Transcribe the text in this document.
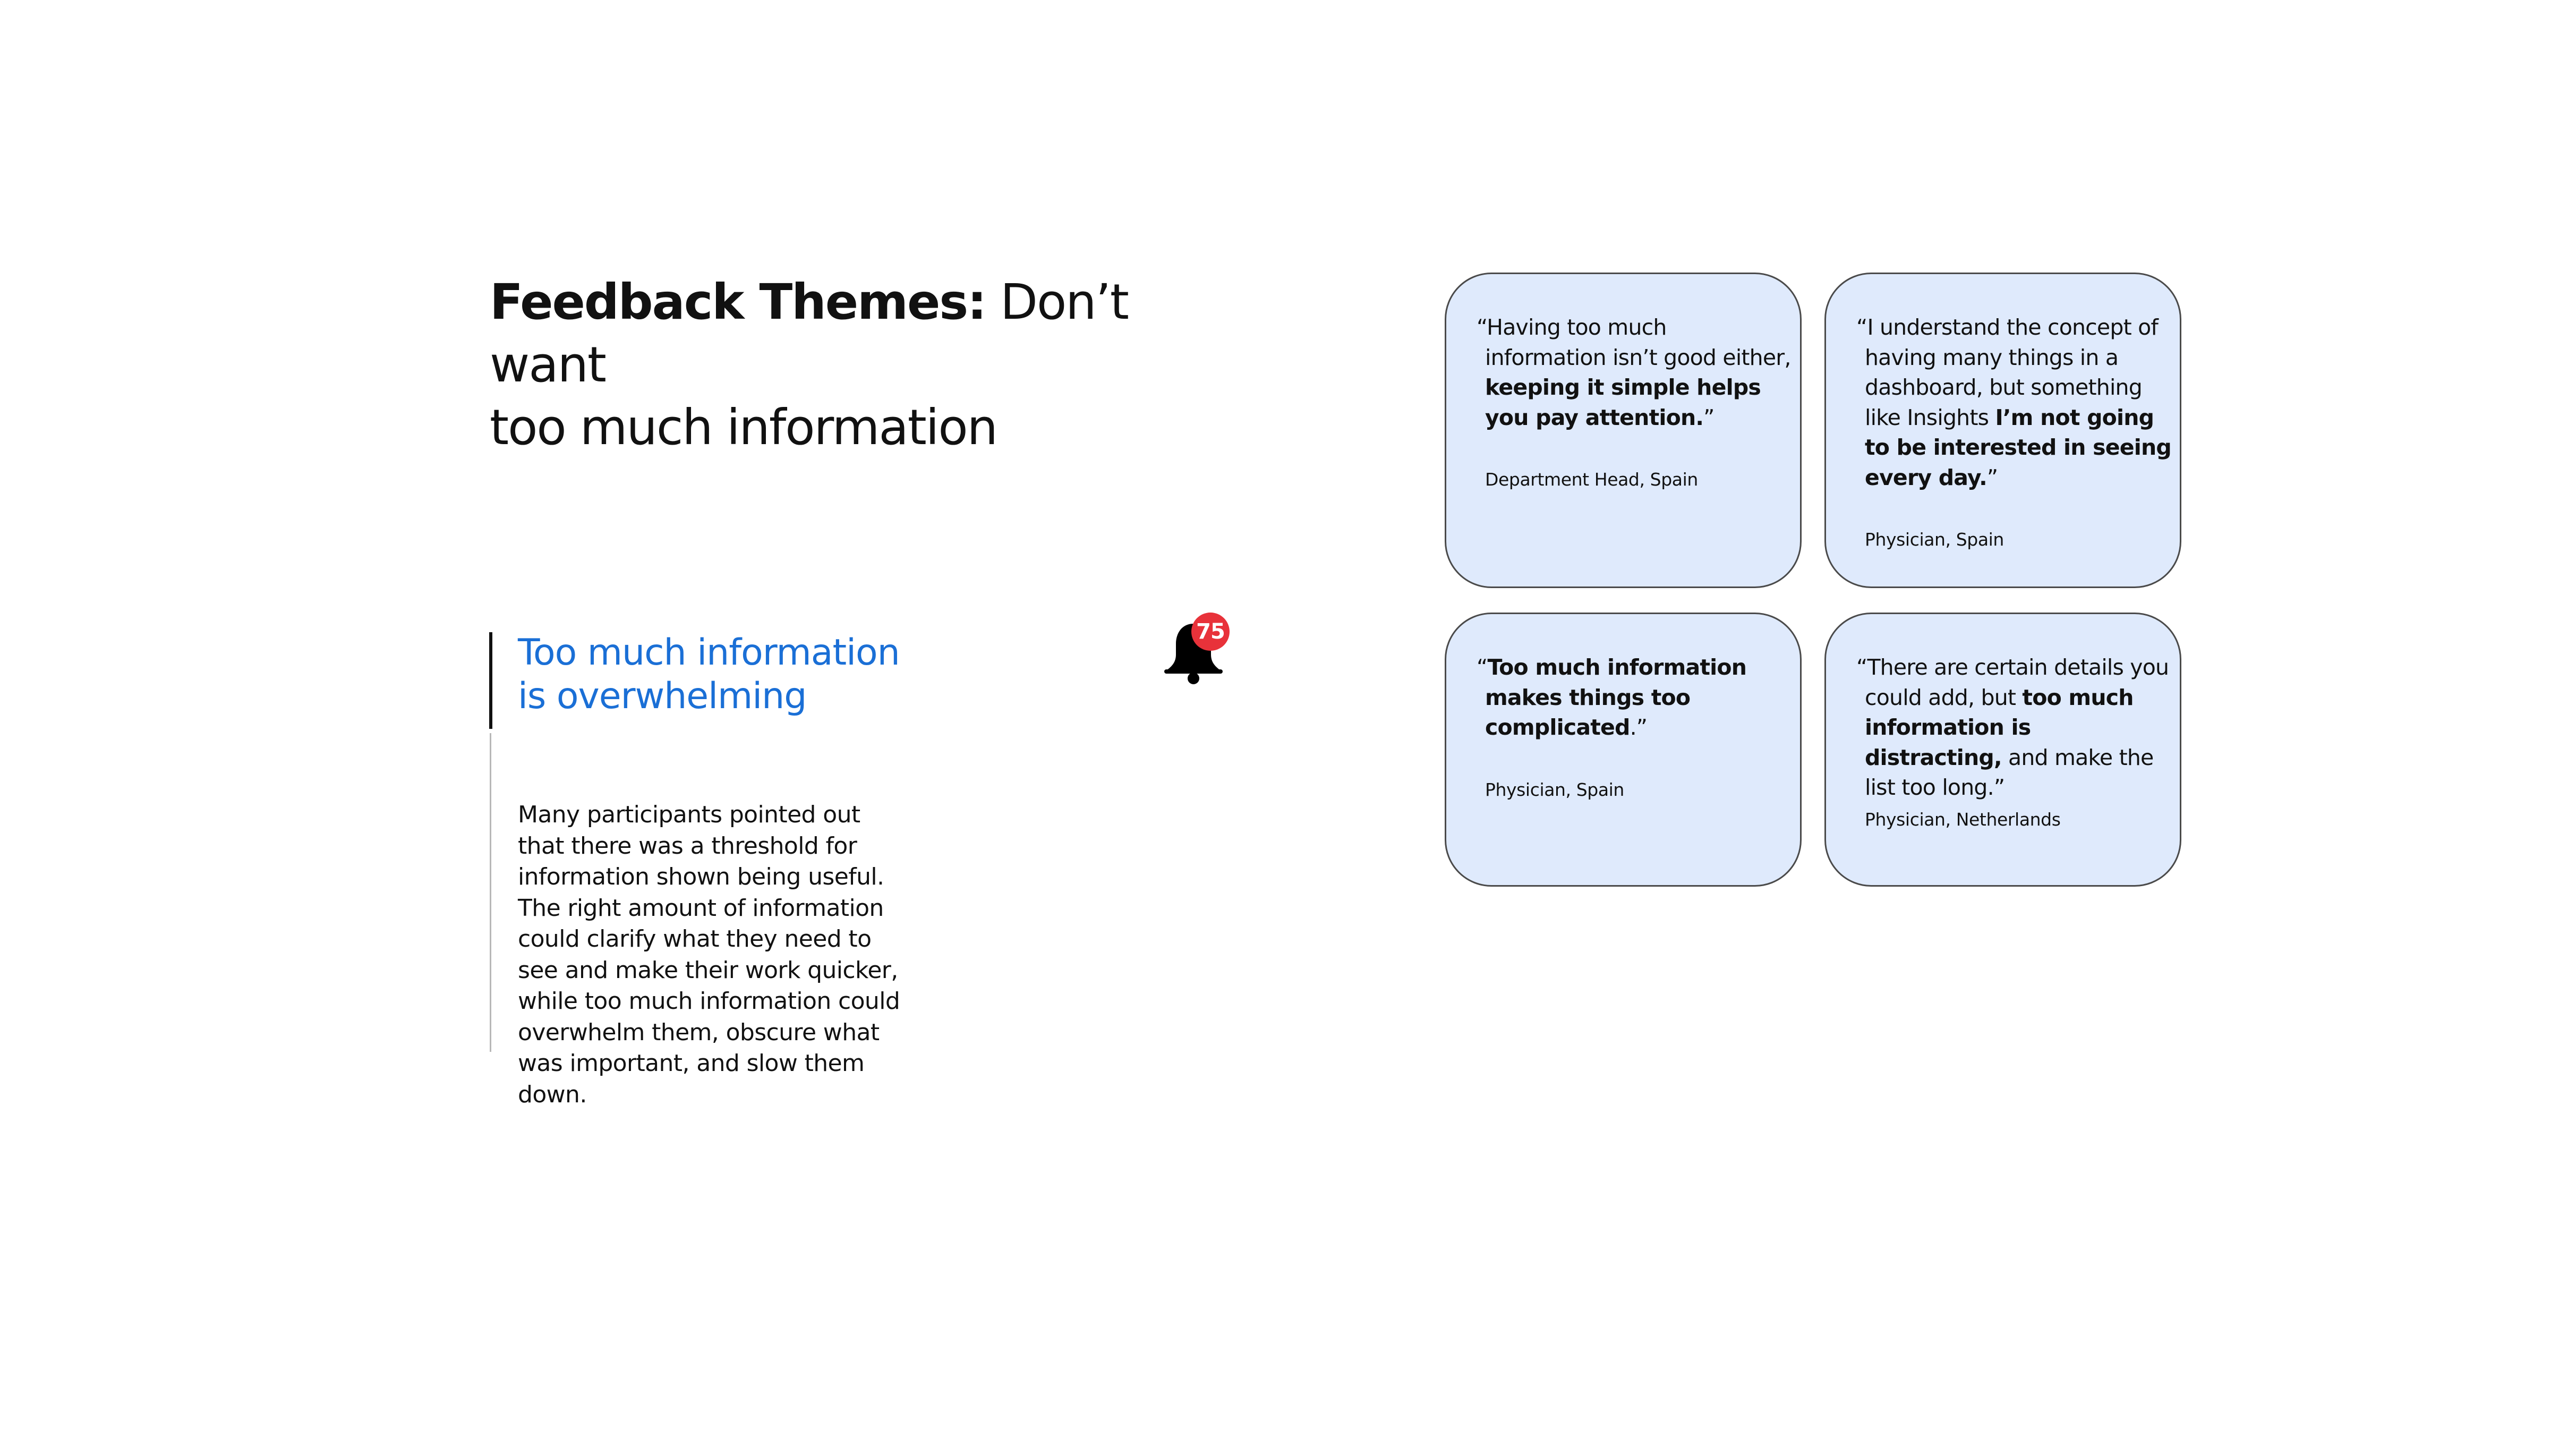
Feedback Themes: Don’t want
too much information
Too much information
is overwhelming
Many participants pointed out that there was a threshold for information shown being useful. The right amount of information could clarify what they need to see and make their work quicker, while too much information could overwhelm them, obscure what was important, and slow them down.
75
“Having too much information isn’t good either, keeping it simple helps you pay attention.”
Department Head, Spain
“I understand the concept of having many things in a dashboard, but something like Insights I’m not going to be interested in seeing every day.”
Physician, Spain
“Too much information makes things too complicated.”
Physician, Spain
“There are certain details you could add, but too much information is distracting, and make the list too long.”
Physician, Netherlands
